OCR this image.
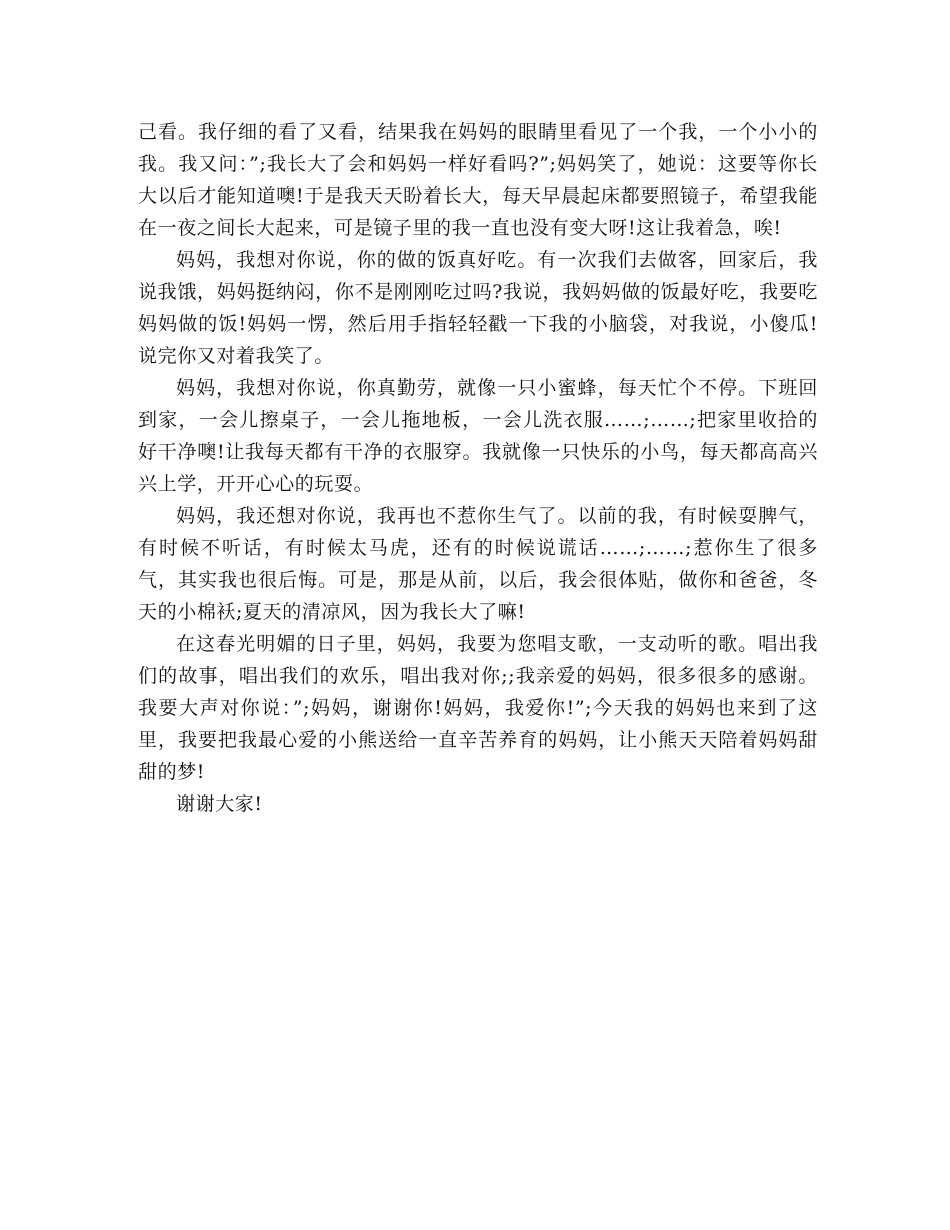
己看。我仔细的看了又看，结果我在妈妈的眼睛里看见了一个我，一个小小的我。我又问：”;我长大了会和妈妈一样好看吗?”;妈妈笑了，她说：这要等你长大以后才能知道噢!于是我天天盼着长大，每天早晨起床都要照镜子，希望我能在一夜之间长大起来，可是镜子里的我一直也没有变大呀!这让我着急，唉!

妈妈，我想对你说，你的做的饭真好吃。有一次我们去做客，回家后，我说我饿，妈妈挺纳闷，你不是刚刚吃过吗?我说，我妈妈做的饭最好吃，我要吃妈妈做的饭!妈妈一愣，然后用手指轻轻戳一下我的小脑袋，对我说，小傻瓜!说完你又对着我笑了。

妈妈，我想对你说，你真勤劳，就像一只小蜜蜂，每天忙个不停。下班回到家，一会儿擦桌子，一会儿拖地板，一会儿洗衣服……;……;把家里收拾的好干净噢!让我每天都有干净的衣服穿。我就像一只快乐的小鸟，每天都高高兴兴上学，开开心心的玩耍。

妈妈，我还想对你说，我再也不惹你生气了。以前的我，有时候耍脾气，有时候不听话，有时候太马虎，还有的时候说谎话……;……;惹你生了很多气，其实我也很后悔。可是，那是从前，以后，我会很体贴，做你和爸爸，冬天的小棉袄;夏天的清凉风，因为我长大了嘛!

在这春光明媚的日子里，妈妈，我要为您唱支歌，一支动听的歌。唱出我们的故事，唱出我们的欢乐，唱出我对你;;我亲爱的妈妈，很多很多的感谢。我要大声对你说：”;妈妈，谢谢你!妈妈，我爱你!”;今天我的妈妈也来到了这里，我要把我最心爱的小熊送给一直辛苦养育的妈妈，让小熊天天陪着妈妈甜甜的梦!

谢谢大家!
